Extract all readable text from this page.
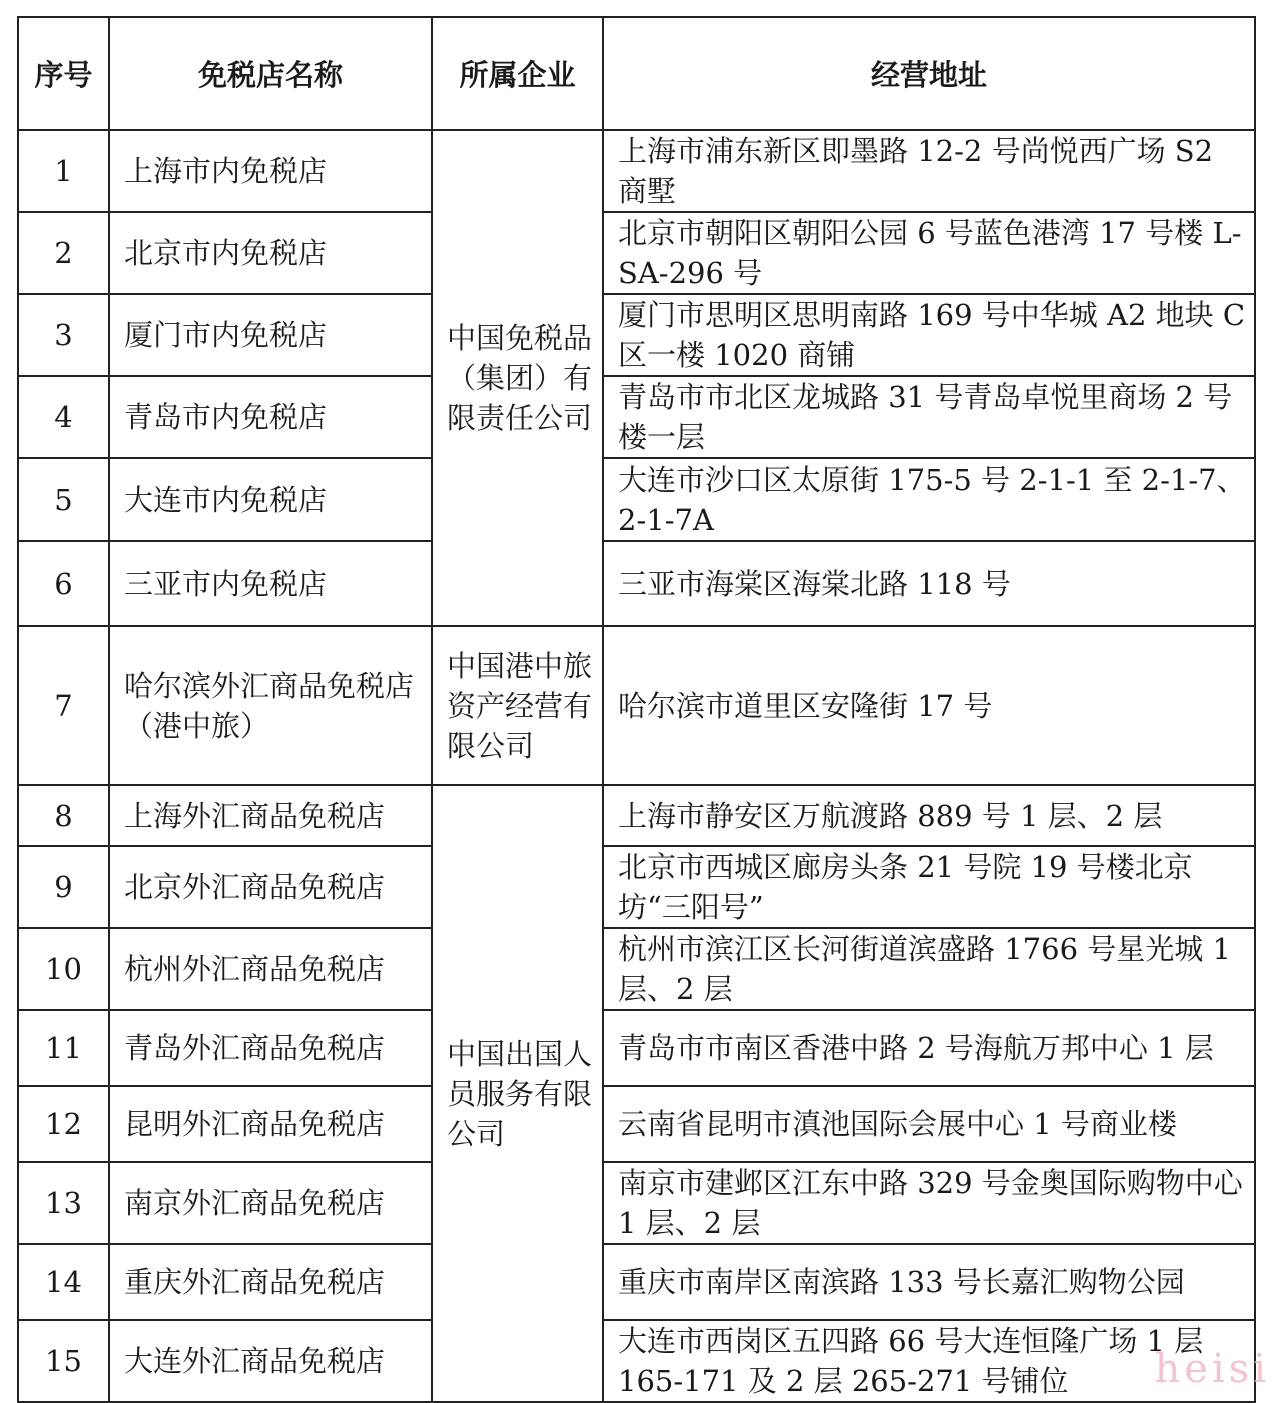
序号	免税店名称	所属企业	经营地址
1	上海市内免税店	中国免税品（集团）有限责任公司	上海市浦东新区即墨路 12-2 号尚悦西广场 S2 商墅
2	北京市内免税店		北京市朝阳区朝阳公园 6 号蓝色港湾 17 号楼 L-SA-296 号
3	厦门市内免税店		厦门市思明区思明南路 169 号中华城 A2 地块 C 区一楼 1020 商铺
4	青岛市内免税店		青岛市市北区龙城路 31 号青岛卓悦里商场 2 号楼一层
5	大连市内免税店		大连市沙口区太原街 175-5 号 2-1-1 至 2-1-7、2-1-7A
6	三亚市内免税店		三亚市海棠区海棠北路 118 号
7	哈尔滨外汇商品免税店（港中旅）	中国港中旅资产经营有限公司	哈尔滨市道里区安隆街 17 号
8	上海外汇商品免税店	中国出国人员服务有限公司	上海市静安区万航渡路 889 号 1 层、2 层
9	北京外汇商品免税店		北京市西城区廊房头条 21 号院 19 号楼北京坊“三阳号”
10	杭州外汇商品免税店		杭州市滨江区长河街道滨盛路 1766 号星光城 1 层、2 层
11	青岛外汇商品免税店		青岛市市南区香港中路 2 号海航万邦中心 1 层
12	昆明外汇商品免税店		云南省昆明市滇池国际会展中心 1 号商业楼
13	南京外汇商品免税店		南京市建邺区江东中路 329 号金奥国际购物中心 1 层、2 层
14	重庆外汇商品免税店		重庆市南岸区南滨路 133 号长嘉汇购物公园
15	大连外汇商品免税店		大连市西岗区五四路 66 号大连恒隆广场 1 层 165-171 及 2 层 265-271 号铺位 heisi
